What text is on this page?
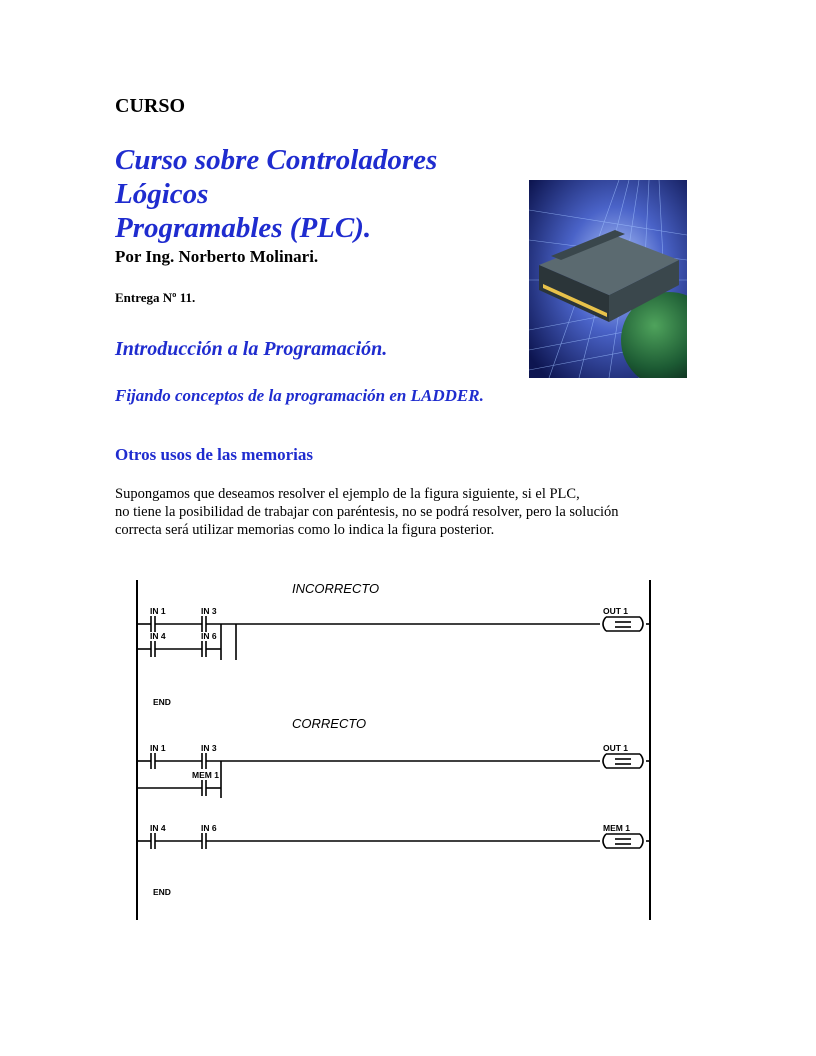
CURSO
Curso sobre Controladores Lógicos
Programables (PLC).
Por Ing. Norberto Molinari.
Entrega Nº 11.
Introducción a la Programación.
Fijando conceptos de la programación en LADDER.
Otros usos de las memorias
Supongamos que deseamos resolver el ejemplo de la figura siguiente, si el PLC,
no tiene la posibilidad de trabajar con paréntesis, no se podrá resolver, pero la solución
correcta será utilizar memorias como lo indica la figura posterior.
INCORRECTO
IN 1	IN 3
IN 4	IN 6
OUT 1
END
CORRECTO
IN 1	IN 3
MEM 1
OUT 1
IN 4	IN 6	MEM 1
END
